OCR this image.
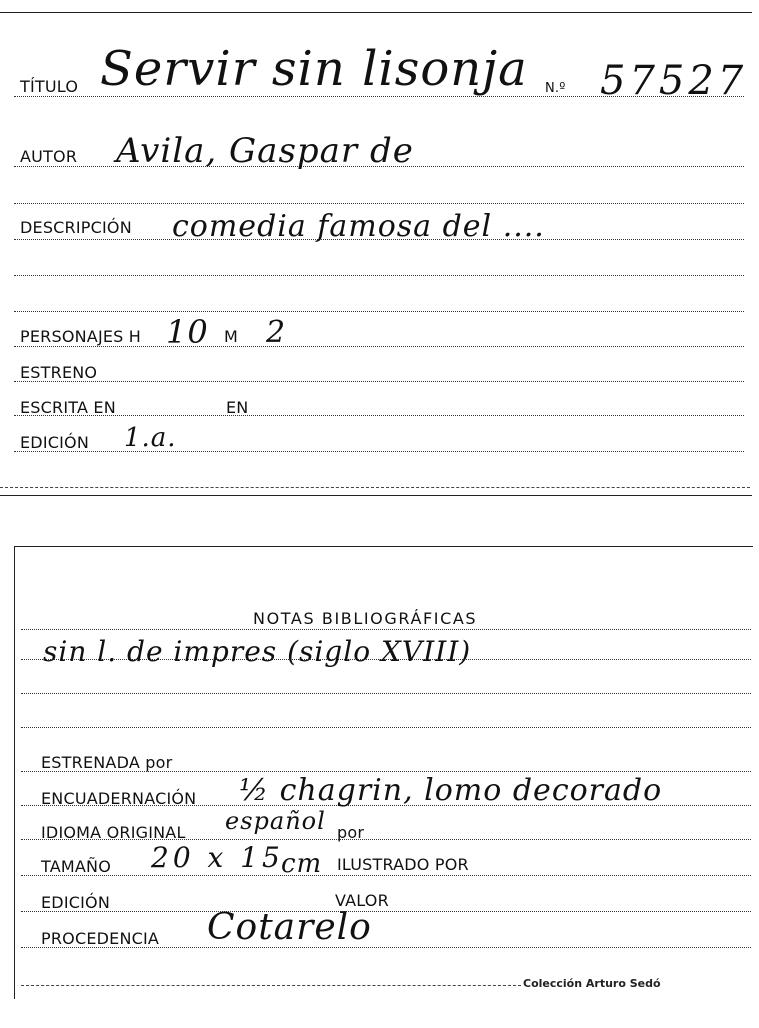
TÍTULO Servir sin lisonja N.º 57527
AUTOR Avila, Gaspar de
DESCRIPCIÓN comedia famosa del ....
PERSONAJES H 10 M 2
ESTRENO
ESCRITA EN	EN
EDICIÓN 1.a.
NOTAS BIBLIOGRÁFICAS
sin l. de impres (siglo XVIII)
ESTRENADA por
ENCUADERNACIÓN ½ chagrin, lomo decorado
IDIOMA ORIGINAL español por
TAMAÑO 20 x 15
cm ILUSTRADO POR
EDICIÓN	VALOR
PROCEDENCIA Cotarelo
Colección Arturo Sedó
